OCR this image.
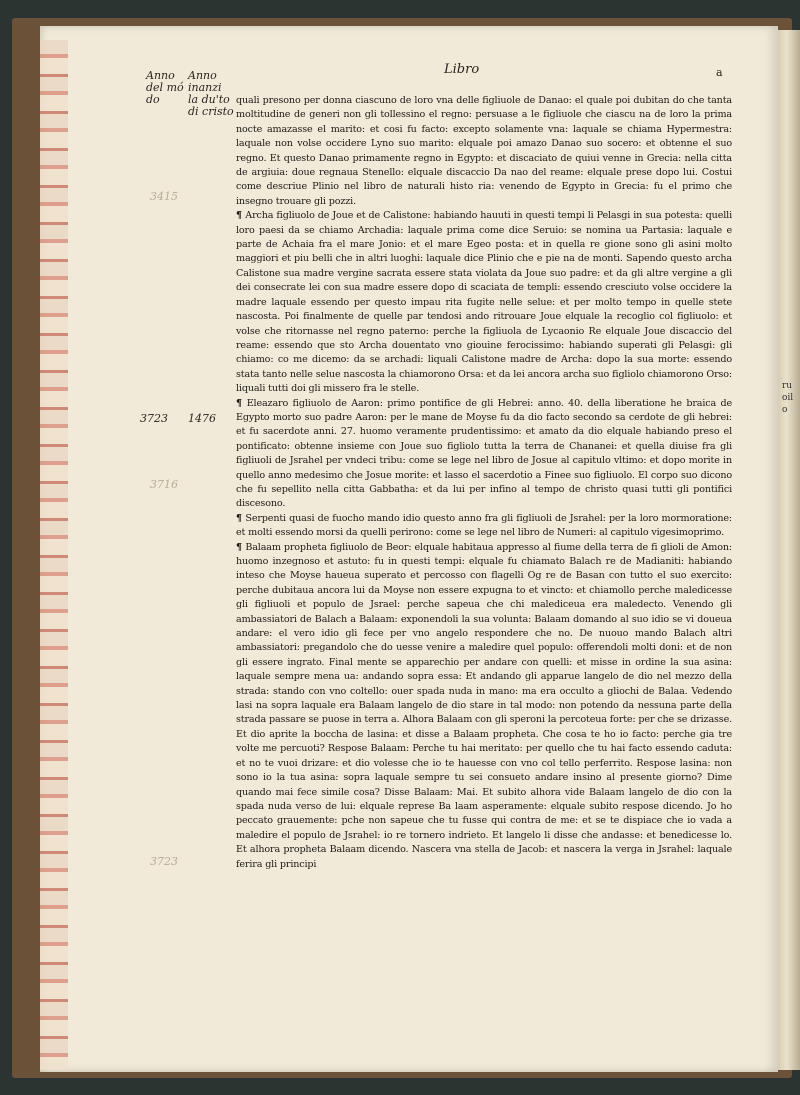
ruoilo
Anno
del mó
do
Anno
inanzi
la du'to
di cristo
Libro	a
3415
3716
3723
3723 1476

quali presono per donna ciascuno de loro vna delle figliuole de Danao: el quale poi dubitan do che tanta moltitudine de generi non gli tollessino el regno: persuase a le figliuole che ciascu na de loro la prima nocte amazasse el marito: et cosi fu facto: excepto solamente vna: laquale se chiama Hypermestra: laquale non volse occidere Lyno suo marito: elquale poi amazo Danao suo socero: et obtenne el suo regno. Et questo Danao primamente regno in Egypto: et discaciato de quiui venne in Grecia: nella citta de argiuia: doue regnaua Stenello: elquale discaccio Da nao del reame: elquale prese dopo lui. Costui come descriue Plinio nel libro de naturali histo ria: venendo de Egypto in Grecia: fu el primo che insegno trouare gli pozzi.

¶ Archa figliuolo de Joue et de Calistone: habiando hauuti in questi tempi li Pelasgi in sua potesta: quelli loro paesi da se chiamo Archadia: laquale prima come dice Seruio: se nomina ua Partasia: laquale e parte de Achaia fra el mare Jonio: et el mare Egeo posta: et in quella re gione sono gli asini molto maggiori et piu belli che in altri luoghi: laquale dice Plinio che e pie na de monti. Sapendo questo archa Calistone sua madre vergine sacrata essere stata violata da Joue suo padre: et da gli altre vergine a gli dei consecrate lei con sua madre essere dopo di scaciata de templi: essendo cresciuto volse occidere la madre laquale essendo per questo impau rita fugite nelle selue: et per molto tempo in quelle stete nascosta. Poi finalmente de quelle par tendosi ando ritrouare Joue elquale la recoglio col figliuolo: et volse che ritornasse nel regno paterno: perche la figliuola de Lycaonio Re elquale Joue discaccio del reame: essendo que sto Archa douentato vno giouine ferocissimo: habiando superati gli Pelasgi: gli chiamo: co me dicemo: da se archadi: liquali Calistone madre de Archa: dopo la sua morte: essendo stata tanto nelle selue nascosta la chiamorono Orsa: et da lei ancora archa suo figliolo chiamorono Orso: liquali tutti doi gli missero fra le stelle.

¶ Eleazaro figliuolo de Aaron: primo pontifice de gli Hebrei: anno. 40. della liberatione he braica de Egypto morto suo padre Aaron: per le mane de Moyse fu da dio facto secondo sa cerdote de gli hebrei: et fu sacerdote anni. 27. huomo veramente prudentissimo: et amato da dio elquale habiando preso el pontificato: obtenne insieme con Joue suo figliolo tutta la terra de Chananei: et quella diuise fra gli figliuoli de Jsrahel per vndeci tribu: come se lege nel libro de Josue al capitulo vltimo: et dopo morite in quello anno medesimo che Josue morite: et lasso el sacerdotio a Finee suo figliuolo. El corpo suo dicono che fu sepellito nella citta Gabbatha: et da lui per infino al tempo de christo quasi tutti gli pontifici discesono.

¶ Serpenti quasi de fuocho mando idio questo anno fra gli figliuoli de Jsrahel: per la loro mormoratione: et molti essendo morsi da quelli perirono: come se lege nel libro de Numeri: al capitulo vigesimoprimo.

¶ Balaam propheta figliuolo de Beor: elquale habitaua appresso al fiume della terra de fi glioli de Amon: huomo inzegnoso et astuto: fu in questi tempi: elquale fu chiamato Balach re de Madianiti: habiando inteso che Moyse haueua superato et percosso con flagelli Og re de Basan con tutto el suo exercito: perche dubitaua ancora lui da Moyse non essere expugna to et vincto: et chiamollo perche maledicesse gli figliuoli et populo de Jsrael: perche sapeua che chi malediceua era maledecto. Venendo gli ambassiatori de Balach a Balaam: exponendoli la sua volunta: Balaam domando al suo idio se vi doueua andare: el vero idio gli fece per vno angelo respondere che no. De nuouo mando Balach altri ambassiatori: pregandolo che do uesse venire a maledire quel populo: offerendoli molti doni: et de non gli essere ingrato. Final mente se apparechio per andare con quelli: et misse in ordine la sua asina: laquale sempre mena ua: andando sopra essa: Et andando gli apparue langelo de dio nel mezzo della strada: stando con vno coltello: ouer spada nuda in mano: ma era occulto a gliochi de Balaa. Vedendo lasi na sopra laquale era Balaam langelo de dio stare in tal modo: non potendo da nessuna parte della strada passare se puose in terra a. Alhora Balaam con gli speroni la percoteua forte: per che se drizasse. Et dio aprite la boccha de lasina: et disse a Balaam propheta. Che cosa te ho io facto: perche gia tre volte me percuoti? Respose Balaam: Perche tu hai meritato: per quello che tu hai facto essendo caduta: et no te vuoi drizare: et dio volesse che io te hauesse con vno col tello perferrito. Respose lasina: non sono io la tua asina: sopra laquale sempre tu sei consueto andare insino al presente giorno? Dime quando mai fece simile cosa? Disse Balaam: Mai. Et subito alhora vide Balaam langelo de dio con la spada nuda verso de lui: elquale represe Ba laam asperamente: elquale subito respose dicendo. Jo ho peccato grauemente: pche non sapeue che tu fusse qui contra de me: et se te dispiace che io vada a maledire el populo de Jsrahel: io re tornero indrieto. Et langelo li disse che andasse: et benedicesse lo. Et alhora propheta Balaam dicendo. Nascera vna stella de Jacob: et nascera la verga in Jsrahel: laquale ferira gli principi
